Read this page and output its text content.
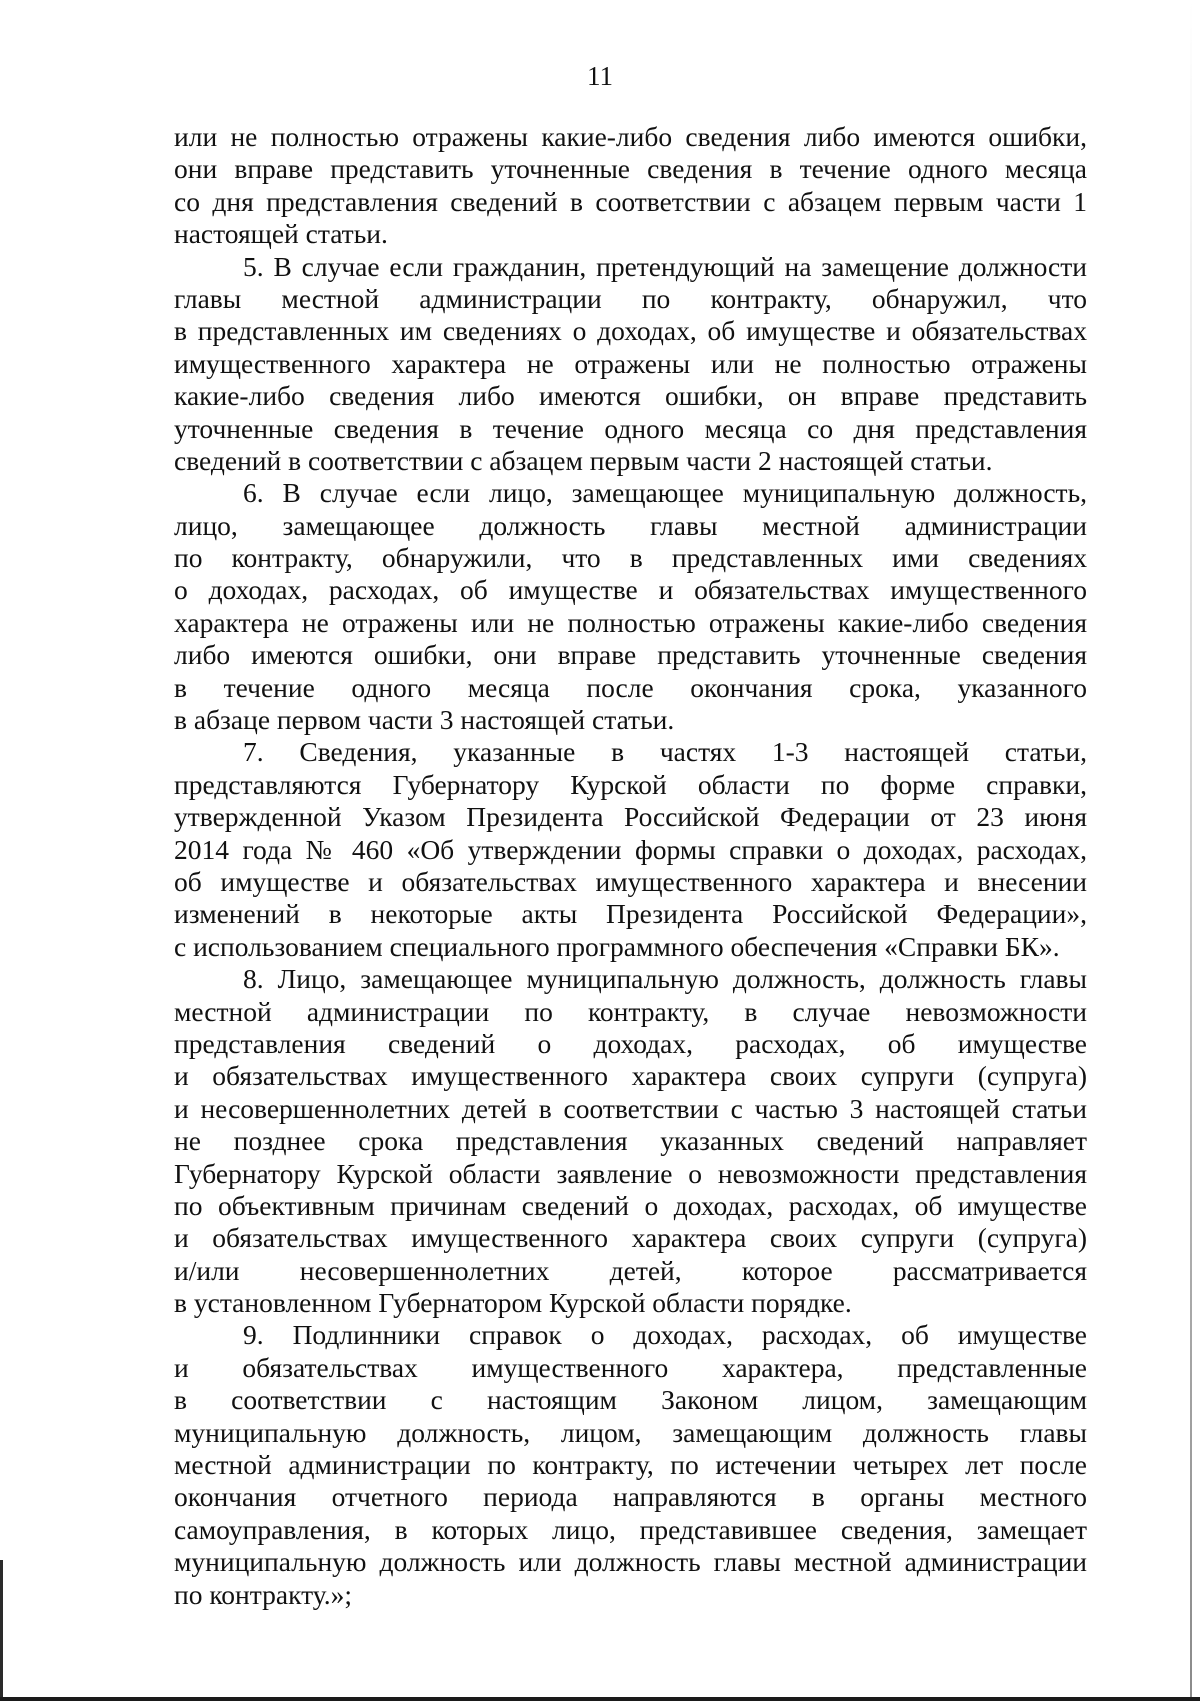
11
или не полностью отражены какие-либо сведения либо имеются ошибки,
они вправе представить уточненные сведения в течение одного месяца
со дня представления сведений в соответствии с абзацем первым части 1
настоящей статьи.
5. В случае если гражданин, претендующий на замещение должности
главы местной администрации по контракту, обнаружил, что
в представленных им сведениях о доходах, об имуществе и обязательствах
имущественного характера не отражены или не полностью отражены
какие-либо сведения либо имеются ошибки, он вправе представить
уточненные сведения в течение одного месяца со дня представления
сведений в соответствии с абзацем первым части 2 настоящей статьи.
6. В случае если лицо, замещающее муниципальную должность,
лицо, замещающее должность главы местной администрации
по контракту, обнаружили, что в представленных ими сведениях
о доходах, расходах, об имуществе и обязательствах имущественного
характера не отражены или не полностью отражены какие-либо сведения
либо имеются ошибки, они вправе представить уточненные сведения
в течение одного месяца после окончания срока, указанного
в абзаце первом части 3 настоящей статьи.
7. Сведения, указанные в частях 1-3 настоящей статьи,
представляются Губернатору Курской области по форме справки,
утвержденной Указом Президента Российской Федерации от 23 июня
2014 года № 460 «Об утверждении формы справки о доходах, расходах,
об имуществе и обязательствах имущественного характера и внесении
изменений в некоторые акты Президента Российской Федерации»,
с использованием специального программного обеспечения «Справки БК».
8. Лицо, замещающее муниципальную должность, должность главы
местной администрации по контракту, в случае невозможности
представления сведений о доходах, расходах, об имуществе
и обязательствах имущественного характера своих супруги (супруга)
и несовершеннолетних детей в соответствии с частью 3 настоящей статьи
не позднее срока представления указанных сведений направляет
Губернатору Курской области заявление о невозможности представления
по объективным причинам сведений о доходах, расходах, об имуществе
и обязательствах имущественного характера своих супруги (супруга)
и/или несовершеннолетних детей, которое рассматривается
в установленном Губернатором Курской области порядке.
9. Подлинники справок о доходах, расходах, об имуществе
и обязательствах имущественного характера, представленные
в соответствии с настоящим Законом лицом, замещающим
муниципальную должность, лицом, замещающим должность главы
местной администрации по контракту, по истечении четырех лет после
окончания отчетного периода направляются в органы местного
самоуправления, в которых лицо, представившее сведения, замещает
муниципальную должность или должность главы местной администрации
по контракту.»;
